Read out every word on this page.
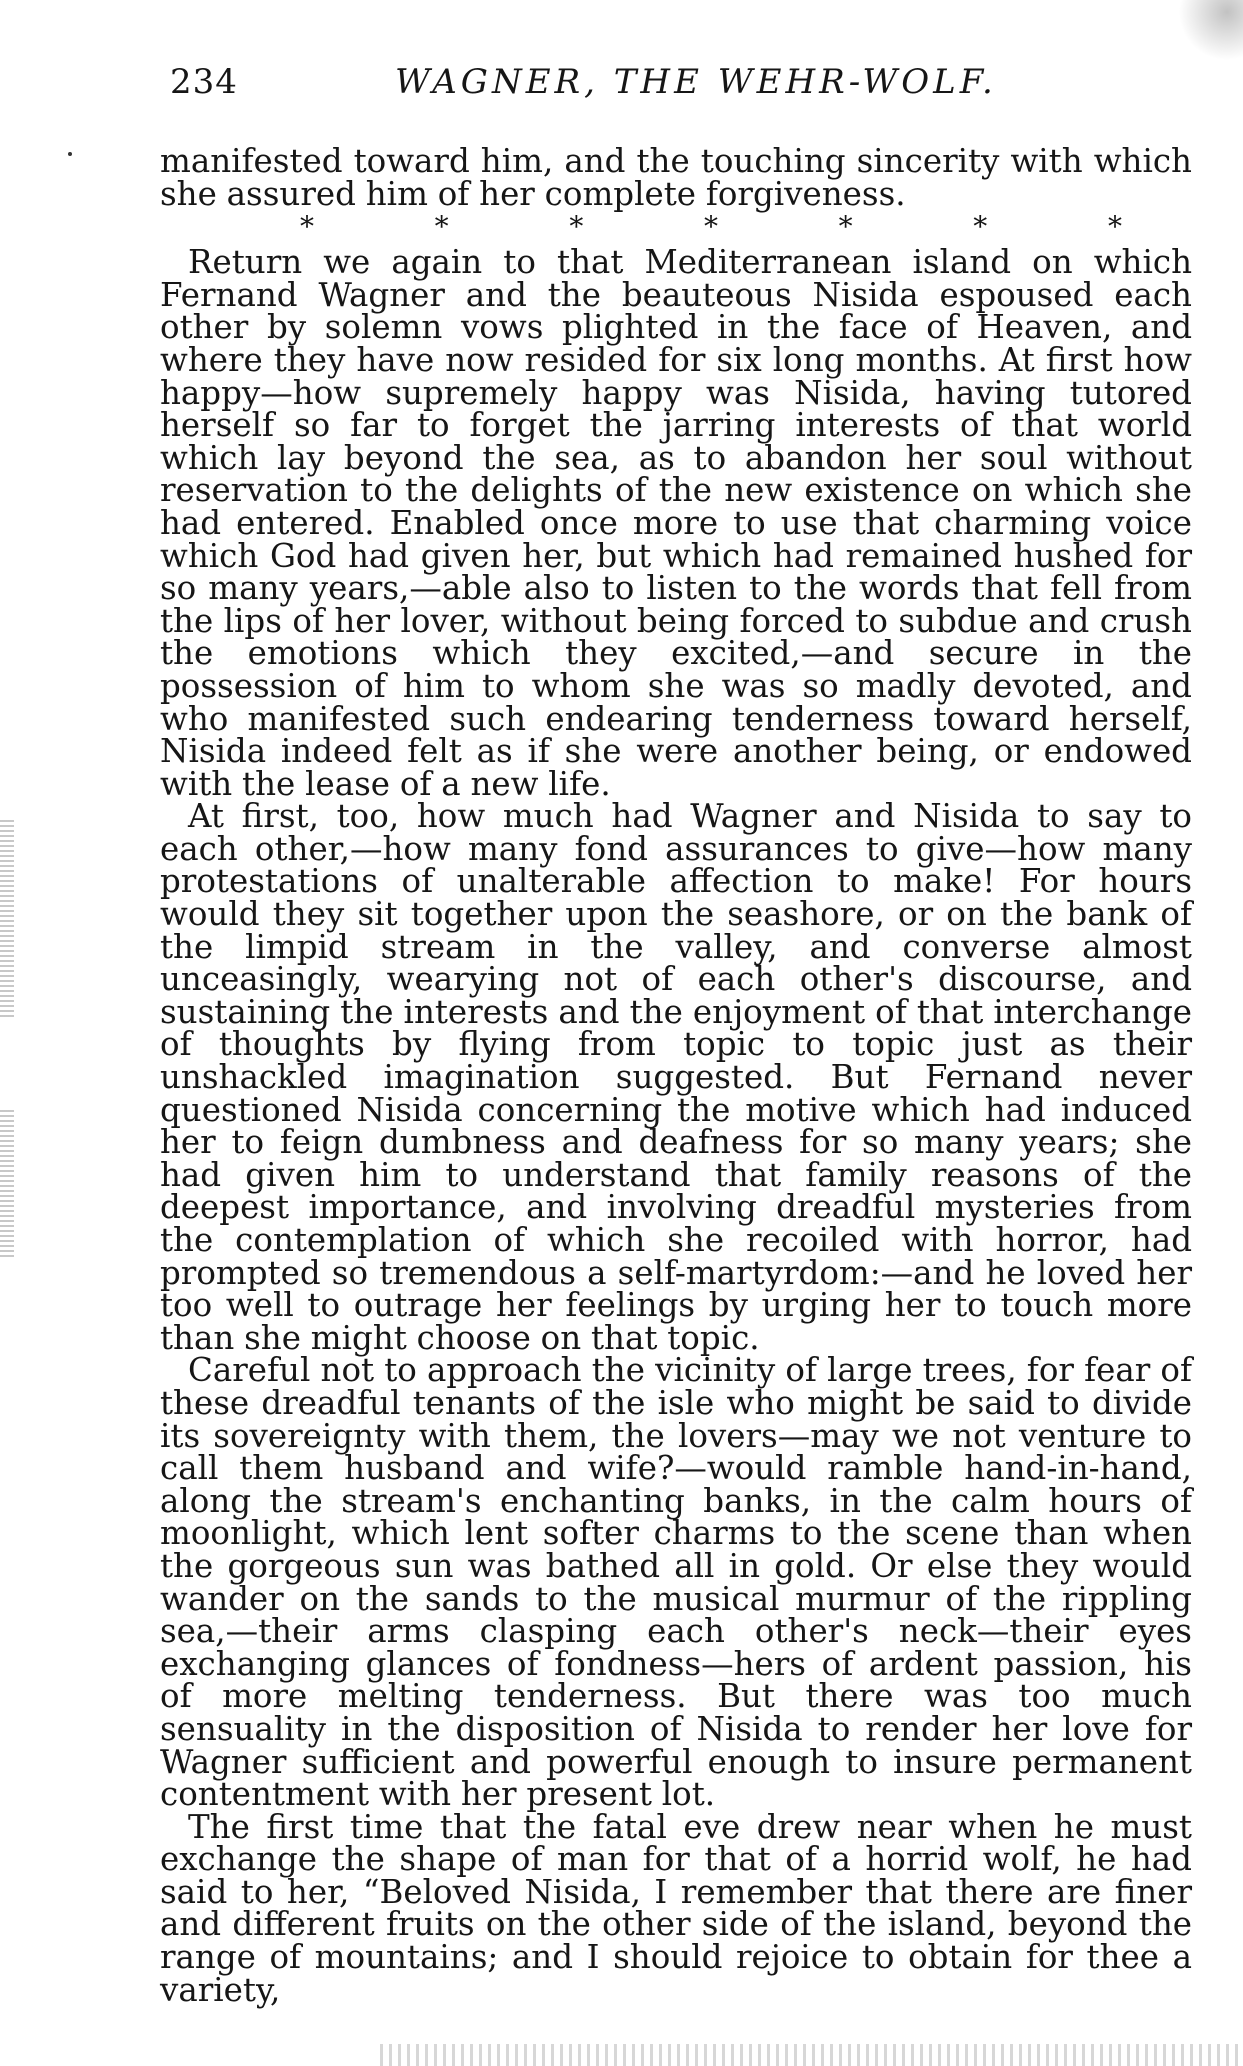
234	WAGNER, THE WEHR-WOLF.

manifested toward him, and the touching sincerity with which she assured him of her complete forgiveness.

*	*	*	*	*	*	*

Return we again to that Mediterranean island on which Fernand Wagner and the beauteous Nisida espoused each other by solemn vows plighted in the face of Heaven, and where they have now resided for six long months. At first how happy—how supremely happy was Nisida, having tutored herself so far to forget the jarring interests of that world which lay beyond the sea, as to abandon her soul without reservation to the delights of the new existence on which she had entered. Enabled once more to use that charming voice which God had given her, but which had remained hushed for so many years,—able also to listen to the words that fell from the lips of her lover, without being forced to subdue and crush the emotions which they excited,—and secure in the possession of him to whom she was so madly devoted, and who manifested such endearing tenderness toward herself, Nisida indeed felt as if she were another being, or endowed with the lease of a new life.

At first, too, how much had Wagner and Nisida to say to each other,—how many fond assurances to give—how many protestations of unalterable affection to make! For hours would they sit together upon the seashore, or on the bank of the limpid stream in the valley, and converse almost unceasingly, wearying not of each other's discourse, and sustaining the interests and the enjoyment of that interchange of thoughts by flying from topic to topic just as their unshackled imagination suggested. But Fernand never questioned Nisida concerning the motive which had induced her to feign dumbness and deafness for so many years; she had given him to understand that family reasons of the deepest importance, and involving dreadful mysteries from the contemplation of which she recoiled with horror, had prompted so tremendous a self-martyrdom:—and he loved her too well to outrage her feelings by urging her to touch more than she might choose on that topic.

Careful not to approach the vicinity of large trees, for fear of these dreadful tenants of the isle who might be said to divide its sovereignty with them, the lovers—may we not venture to call them husband and wife?—would ramble hand-in-hand, along the stream's enchanting banks, in the calm hours of moonlight, which lent softer charms to the scene than when the gorgeous sun was bathed all in gold. Or else they would wander on the sands to the musical murmur of the rippling sea,—their arms clasping each other's neck—their eyes exchanging glances of fondness—hers of ardent passion, his of more melting tenderness. But there was too much sensuality in the disposition of Nisida to render her love for Wagner sufficient and powerful enough to insure permanent contentment with her present lot.

The first time that the fatal eve drew near when he must exchange the shape of man for that of a horrid wolf, he had said to her, “Beloved Nisida, I remember that there are finer and different fruits on the other side of the island, beyond the range of mountains; and I should rejoice to obtain for thee a variety,
